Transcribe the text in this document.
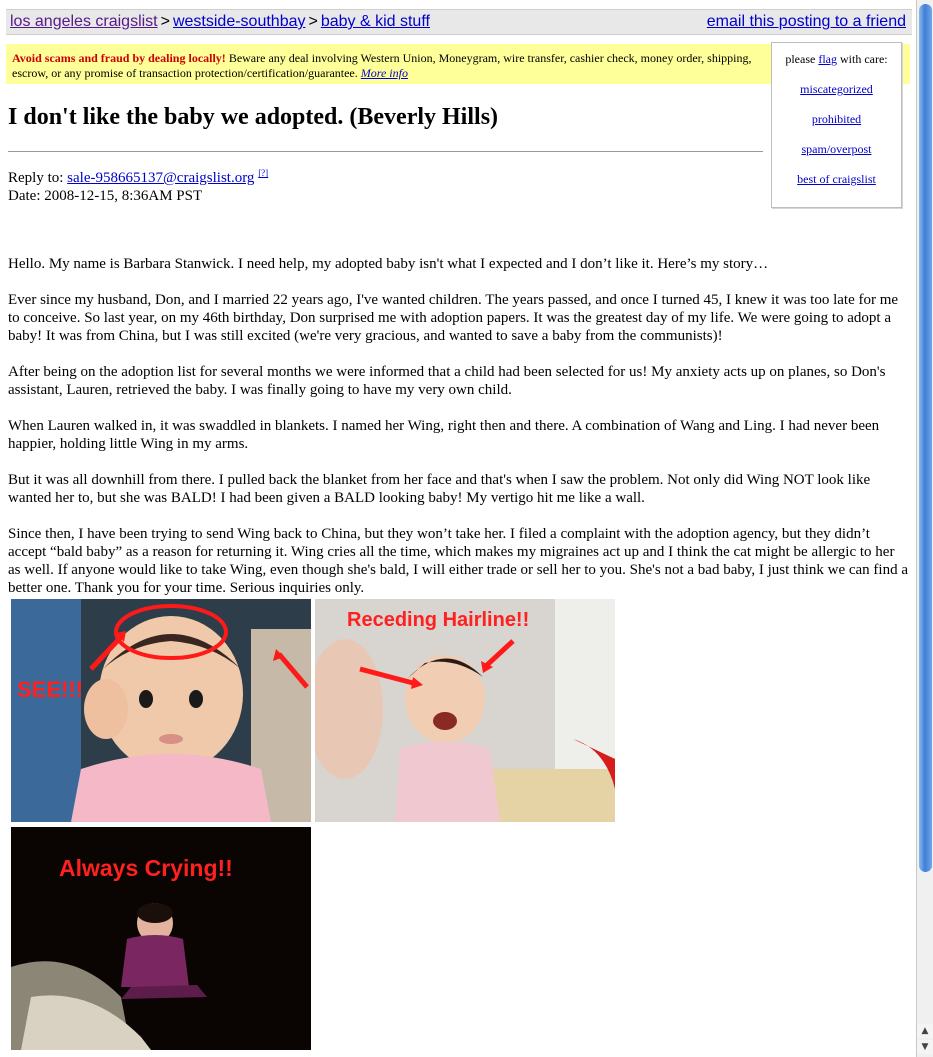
los angeles craigslist > westside-southbay > baby & kid stuff	email this posting to a friend
Avoid scams and fraud by dealing locally! Beware any deal involving Western Union, Moneygram, wire transfer, cashier check, money order, shipping, escrow, or any promise of transaction protection/certification/guarantee. More info
please flag with care:
miscategorized
prohibited
spam/overpost
best of craigslist
I don't like the baby we adopted. (Beverly Hills)
Reply to: sale-958665137@craigslist.org [?]
Date: 2008-12-15, 8:36AM PST

Hello. My name is Barbara Stanwick. I need help, my adopted baby isn't what I expected and I don’t like it. Here’s my story…

Ever since my husband, Don, and I married 22 years ago, I've wanted children. The years passed, and once I turned 45, I knew it was too late for me to conceive. So last year, on my 46th birthday, Don surprised me with adoption papers. It was the greatest day of my life. We were going to adopt a baby! It was from China, but I was still excited (we're very gracious, and wanted to save a baby from the communists)!

After being on the adoption list for several months we were informed that a child had been selected for us! My anxiety acts up on planes, so Don's assistant, Lauren, retrieved the baby. I was finally going to have my very own child.

When Lauren walked in, it was swaddled in blankets. I named her Wing, right then and there. A combination of Wang and Ling. I had never been happier, holding little Wing in my arms.

But it was all downhill from there. I pulled back the blanket from her face and that's when I saw the problem. Not only did Wing NOT look like wanted her to, but she was BALD! I had been given a BALD looking baby! My vertigo hit me like a wall.

Since then, I have been trying to send Wing back to China, but they won’t take her. I filed a complaint with the adoption agency, but they didn’t accept “bald baby” as a reason for returning it. Wing cries all the time, which makes my migraines act up and I think the cat might be allergic to her as well. If anyone would like to take Wing, even though she's bald, I will either trade or sell her to you. She's not a bad baby, I just think we can find a better one. Thank you for your time. Serious inquiries only.

SEE!!!
Receding Hairline!!
Always Crying!!
▲
▼
